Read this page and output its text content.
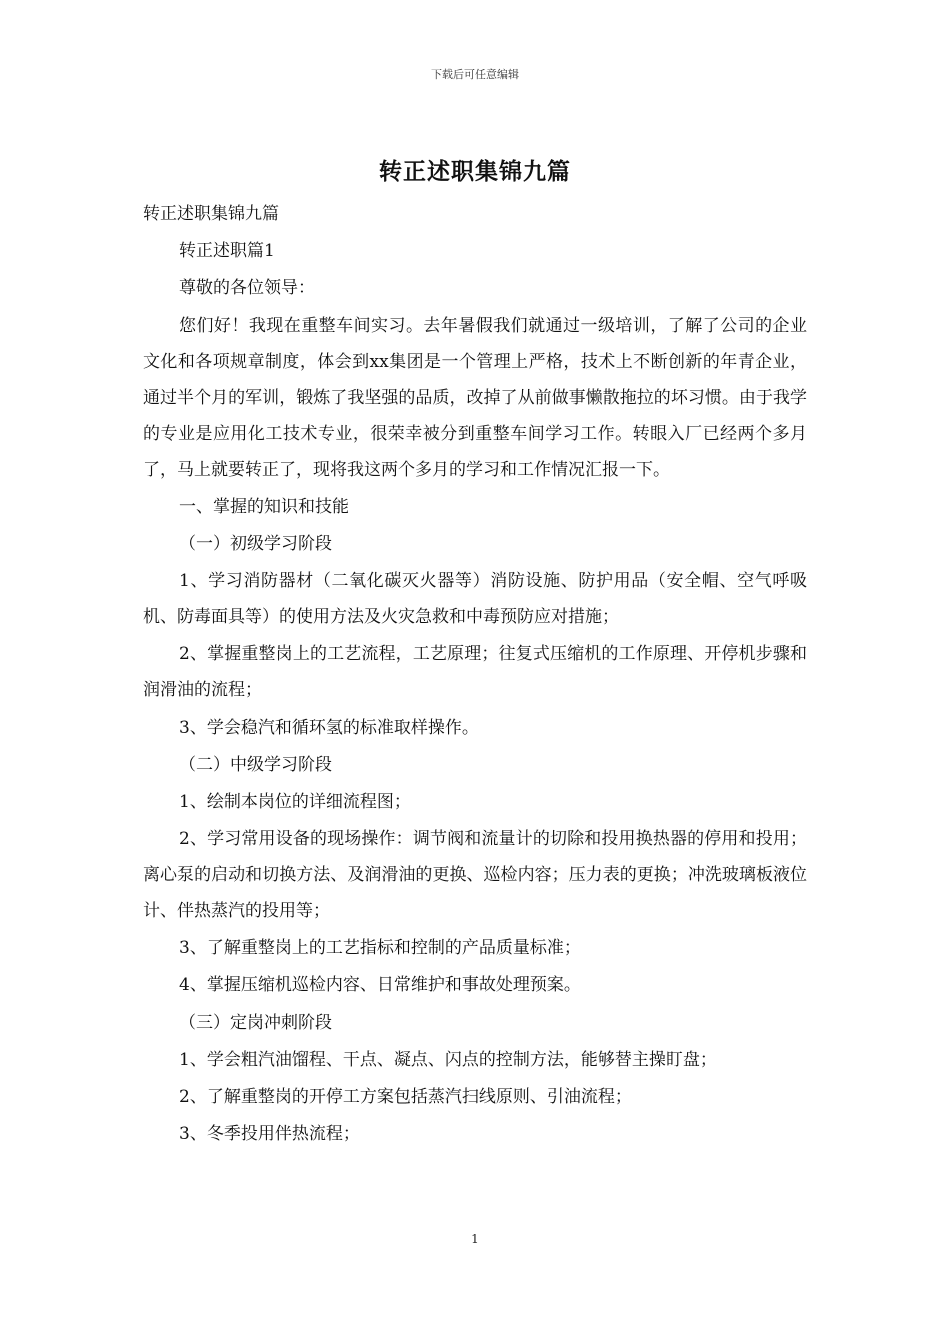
下载后可任意编辑
转正述职集锦九篇

转正述职集锦九篇

转正述职篇1

尊敬的各位领导：

您们好！我现在重整车间实习。去年暑假我们就通过一级培训，了解了公司的企业文化和各项规章制度，体会到xx集团是一个管理上严格，技术上不断创新的年青企业，通过半个月的军训，锻炼了我坚强的品质，改掉了从前做事懒散拖拉的坏习惯。由于我学的专业是应用化工技术专业，很荣幸被分到重整车间学习工作。转眼入厂已经两个多月了，马上就要转正了，现将我这两个多月的学习和工作情况汇报一下。

一、掌握的知识和技能

（一）初级学习阶段

1、学习消防器材（二氧化碳灭火器等）消防设施、防护用品（安全帽、空气呼吸机、防毒面具等）的使用方法及火灾急救和中毒预防应对措施；

2、掌握重整岗上的工艺流程，工艺原理；往复式压缩机的工作原理、开停机步骤和润滑油的流程；

3、学会稳汽和循环氢的标准取样操作。

（二）中级学习阶段

1、绘制本岗位的详细流程图；

2、学习常用设备的现场操作：调节阀和流量计的切除和投用换热器的停用和投用；离心泵的启动和切换方法、及润滑油的更换、巡检内容；压力表的更换；冲洗玻璃板液位计、伴热蒸汽的投用等；

3、了解重整岗上的工艺指标和控制的产品质量标准；

4、掌握压缩机巡检内容、日常维护和事故处理预案。

（三）定岗冲刺阶段

1、学会粗汽油馏程、干点、凝点、闪点的控制方法，能够替主操盯盘；

2、了解重整岗的开停工方案包括蒸汽扫线原则、引油流程；

3、冬季投用伴热流程；

1
